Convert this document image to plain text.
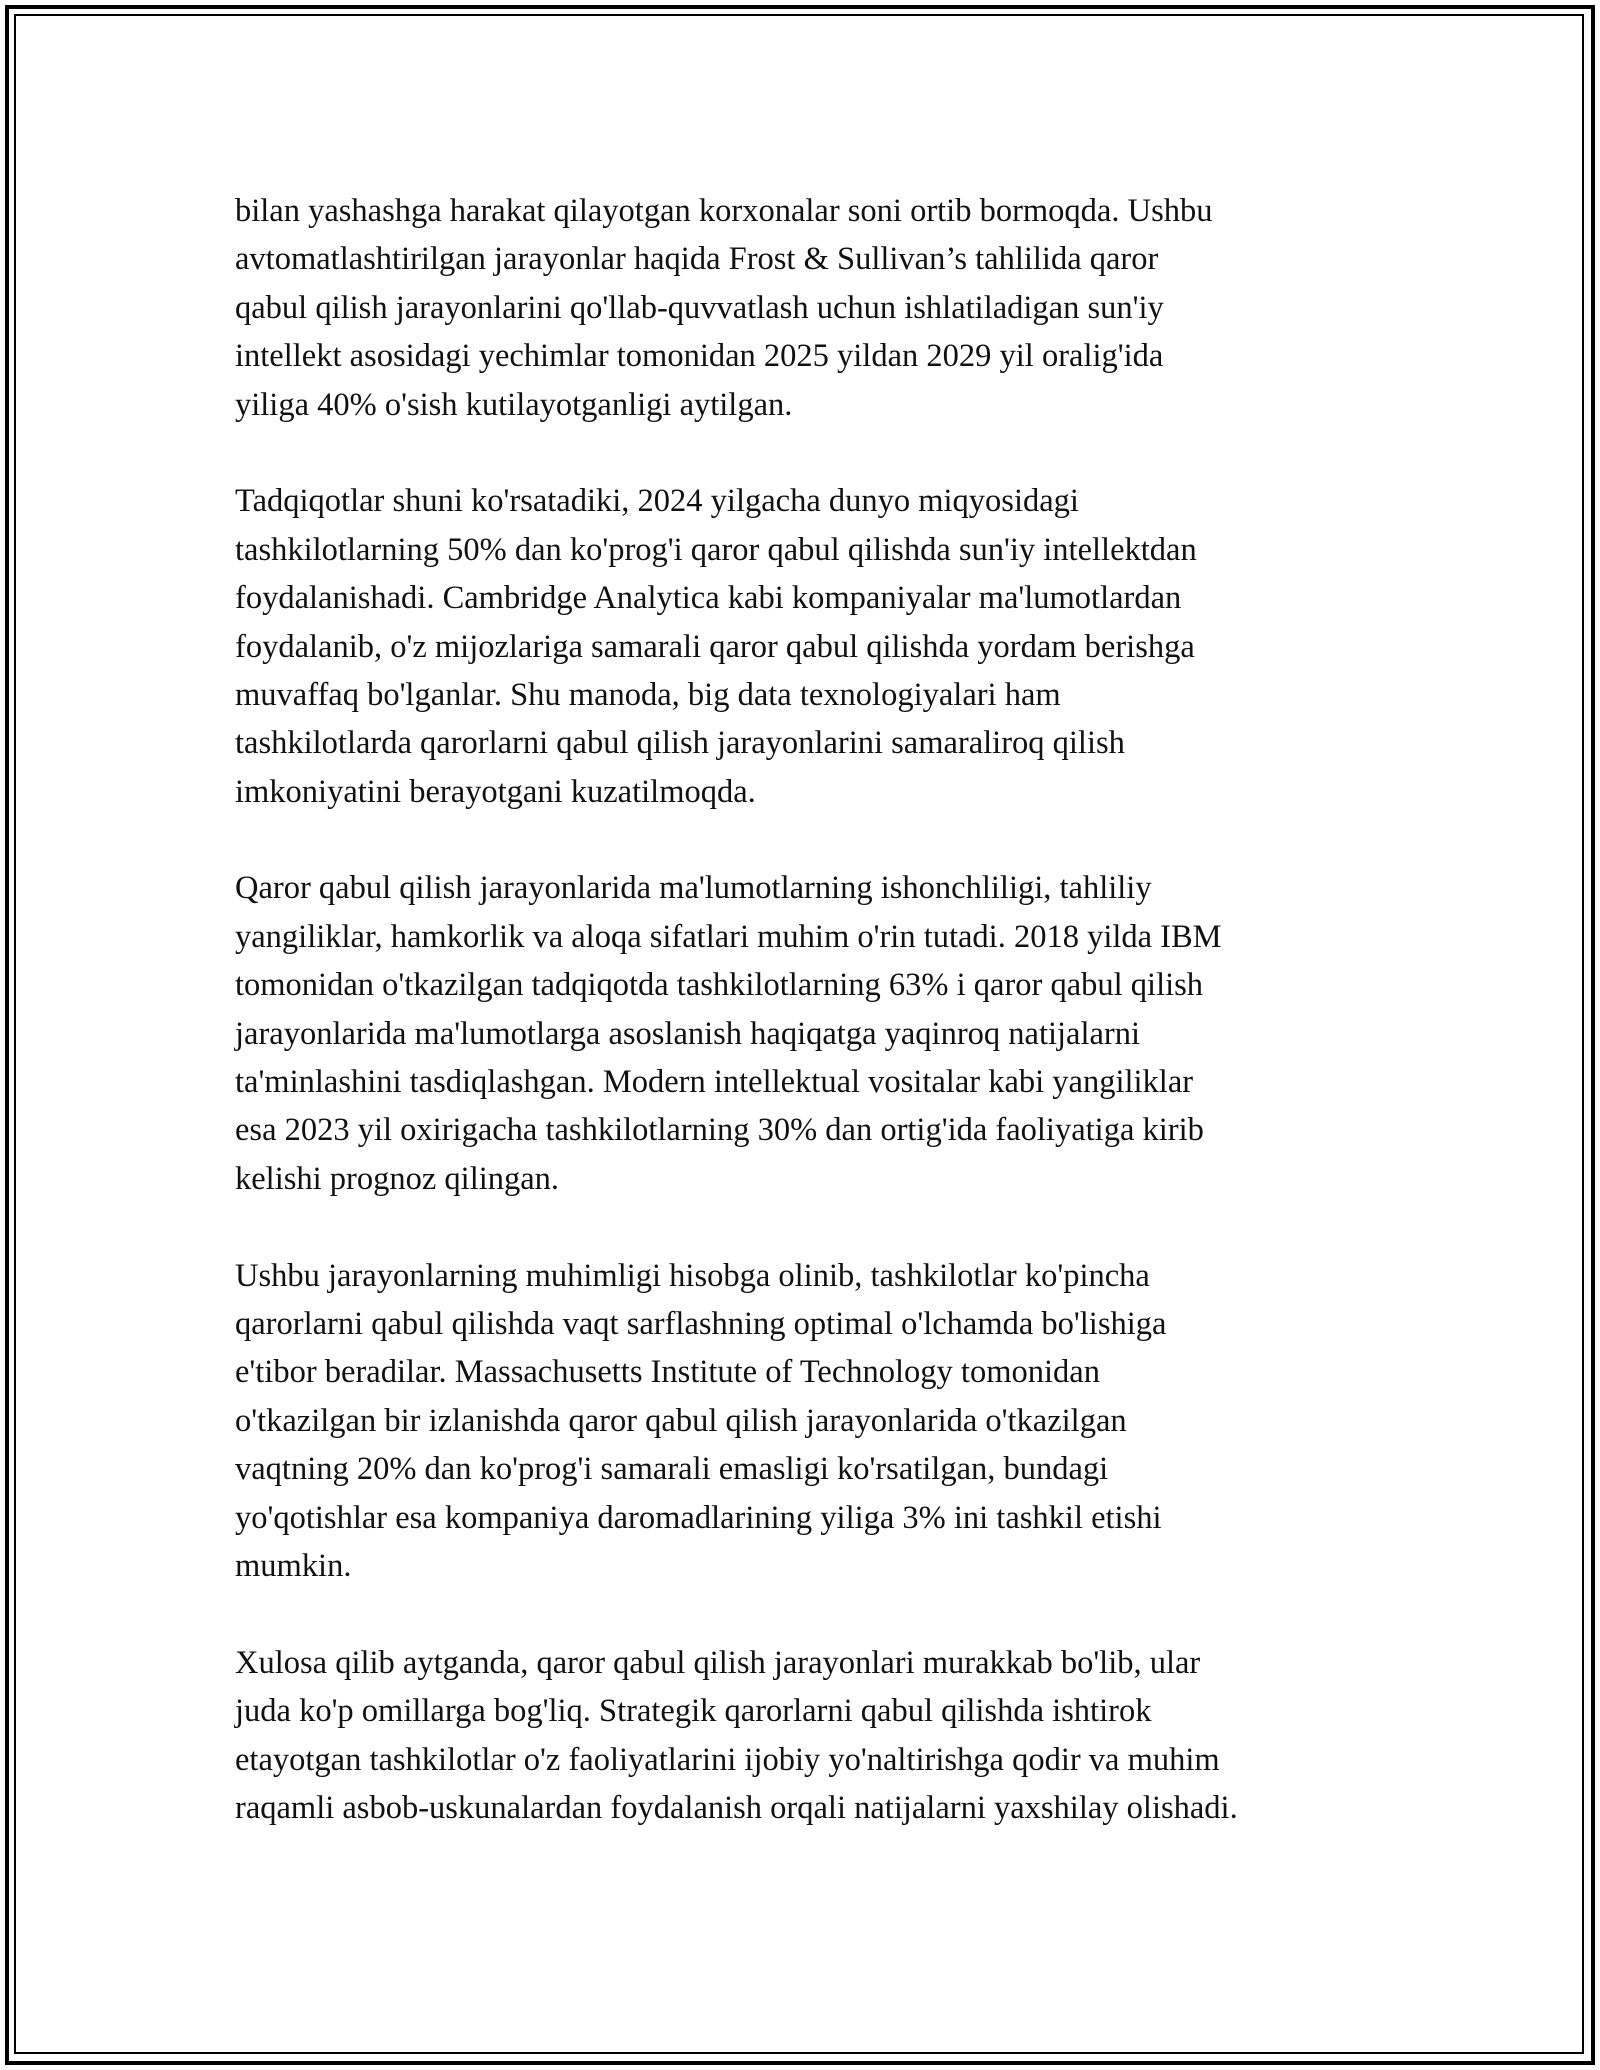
bilan yashashga harakat qilayotgan korxonalar soni ortib bormoqda. Ushbu
avtomatlashtirilgan jarayonlar haqida Frost & Sullivan’s tahlilida qaror
qabul qilish jarayonlarini qo'llab-quvvatlash uchun ishlatiladigan sun'iy
intellekt asosidagi yechimlar tomonidan 2025 yildan 2029 yil oralig'ida
yiliga 40% o'sish kutilayotganligi aytilgan.
Tadqiqotlar shuni ko'rsatadiki, 2024 yilgacha dunyo miqyosidagi
tashkilotlarning 50% dan ko'prog'i qaror qabul qilishda sun'iy intellektdan
foydalanishadi. Cambridge Analytica kabi kompaniyalar ma'lumotlardan
foydalanib, o'z mijozlariga samarali qaror qabul qilishda yordam berishga
muvaffaq bo'lganlar. Shu manoda, big data texnologiyalari ham
tashkilotlarda qarorlarni qabul qilish jarayonlarini samaraliroq qilish
imkoniyatini berayotgani kuzatilmoqda.
Qaror qabul qilish jarayonlarida ma'lumotlarning ishonchliligi, tahliliy
yangiliklar, hamkorlik va aloqa sifatlari muhim o'rin tutadi. 2018 yilda IBM
tomonidan o'tkazilgan tadqiqotda tashkilotlarning 63% i qaror qabul qilish
jarayonlarida ma'lumotlarga asoslanish haqiqatga yaqinroq natijalarni
ta'minlashini tasdiqlashgan. Modern intellektual vositalar kabi yangiliklar
esa 2023 yil oxirigacha tashkilotlarning 30% dan ortig'ida faoliyatiga kirib
kelishi prognoz qilingan.
Ushbu jarayonlarning muhimligi hisobga olinib, tashkilotlar ko'pincha
qarorlarni qabul qilishda vaqt sarflashning optimal o'lchamda bo'lishiga
e'tibor beradilar. Massachusetts Institute of Technology tomonidan
o'tkazilgan bir izlanishda qaror qabul qilish jarayonlarida o'tkazilgan
vaqtning 20% dan ko'prog'i samarali emasligi ko'rsatilgan, bundagi
yo'qotishlar esa kompaniya daromadlarining yiliga 3% ini tashkil etishi
mumkin.
Xulosa qilib aytganda, qaror qabul qilish jarayonlari murakkab bo'lib, ular
juda ko'p omillarga bog'liq. Strategik qarorlarni qabul qilishda ishtirok
etayotgan tashkilotlar o'z faoliyatlarini ijobiy yo'naltirishga qodir va muhim
raqamli asbob-uskunalardan foydalanish orqali natijalarni yaxshilay olishadi.
